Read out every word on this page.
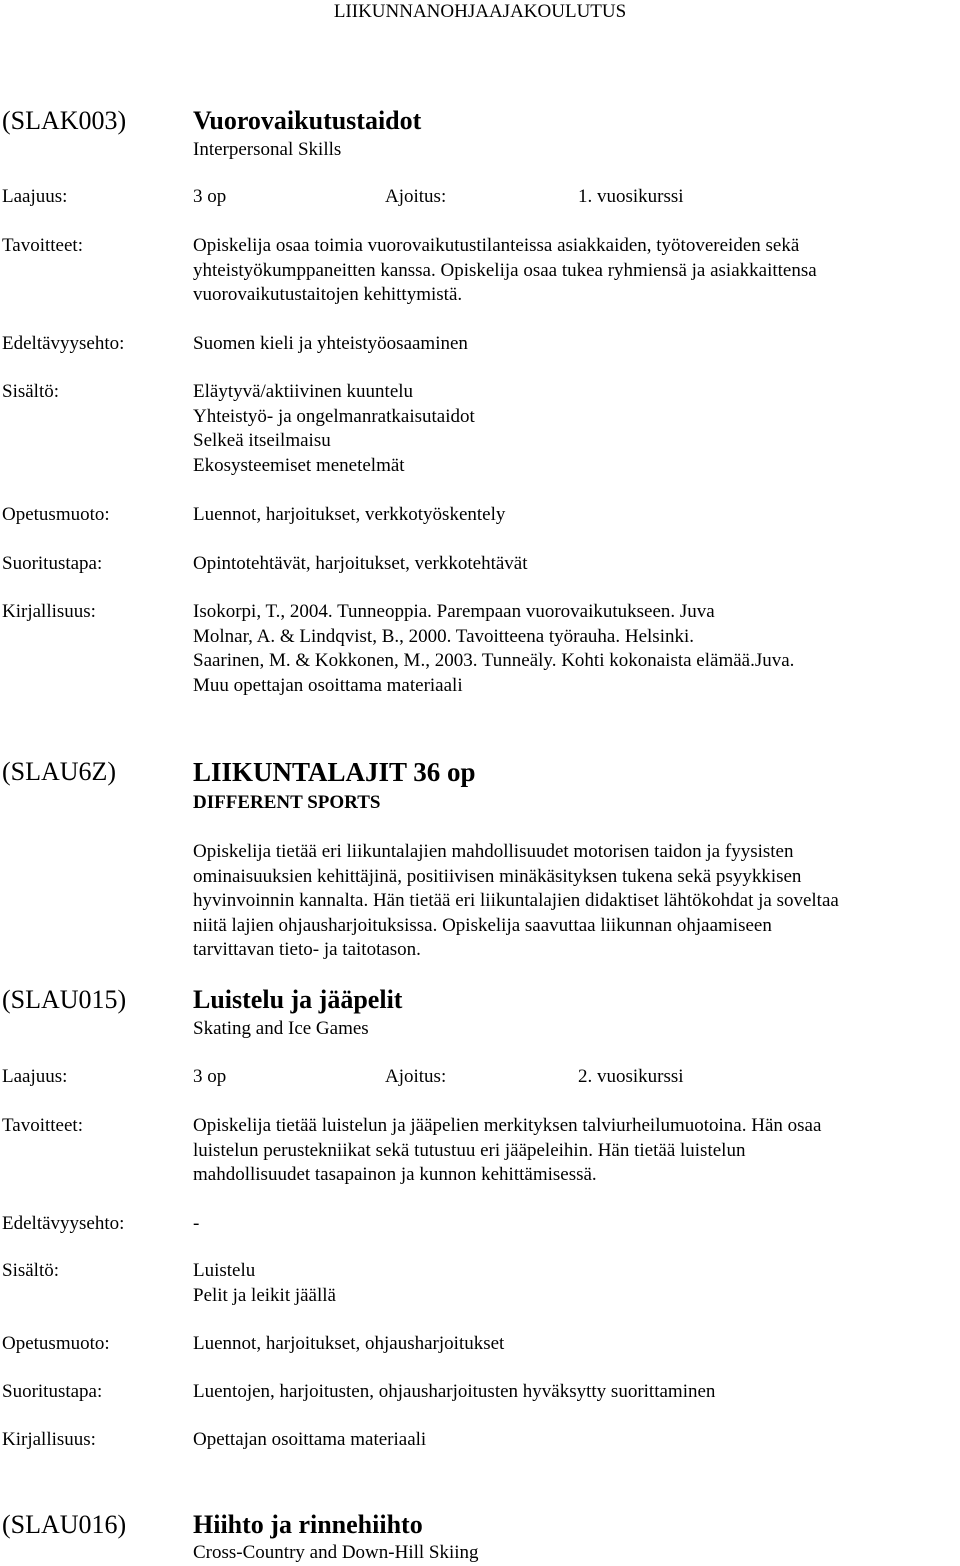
LIIKUNNANOHJAAJAKOULUTUS
(SLAK003)	Vuorovaikutustaidot
Interpersonal Skills
Laajuus:	3 op	Ajoitus:	1. vuosikurssi
Tavoitteet:	Opiskelija osaa toimia vuorovaikutustilanteissa asiakkaiden, työtovereiden sekä
yhteistyökumppaneitten kanssa. Opiskelija osaa tukea ryhmiensä ja asiakkaittensa
vuorovaikutustaitojen kehittymistä.
Edeltävyysehto:	Suomen kieli ja yhteistyöosaaminen
Sisältö:	Eläytyvä/aktiivinen kuuntelu
Yhteistyö- ja ongelmanratkaisutaidot
Selkeä itseilmaisu
Ekosysteemiset menetelmät
Opetusmuoto:	Luennot, harjoitukset, verkkotyöskentely
Suoritustapa:	Opintotehtävät, harjoitukset, verkkotehtävät
Kirjallisuus:	Isokorpi, T., 2004. Tunneoppia. Parempaan vuorovaikutukseen. Juva
Molnar, A. & Lindqvist, B., 2000. Tavoitteena työrauha. Helsinki.
Saarinen, M. & Kokkonen, M., 2003. Tunneäly. Kohti kokonaista elämää.Juva.
Muu opettajan osoittama materiaali
(SLAU6Z)	LIIKUNTALAJIT 36 op
DIFFERENT SPORTS
Opiskelija tietää eri liikuntalajien mahdollisuudet motorisen taidon ja fyysisten
ominaisuuksien kehittäjinä, positiivisen minäkäsityksen tukena sekä psyykkisen
hyvinvoinnin kannalta. Hän tietää eri liikuntalajien didaktiset lähtökohdat ja soveltaa
niitä lajien ohjausharjoituksissa. Opiskelija saavuttaa liikunnan ohjaamiseen
tarvittavan tieto- ja taitotason.
(SLAU015)	Luistelu ja jääpelit
Skating and Ice Games
Laajuus:	3 op	Ajoitus:	2. vuosikurssi
Tavoitteet:	Opiskelija tietää luistelun ja jääpelien merkityksen talviurheilumuotoina. Hän osaa
luistelun perustekniikat sekä tutustuu eri jääpeleihin. Hän tietää luistelun
mahdollisuudet tasapainon ja kunnon kehittämisessä.
Edeltävyysehto:	-
Sisältö:	Luistelu
Pelit ja leikit jäällä
Opetusmuoto:	Luennot, harjoitukset, ohjausharjoitukset
Suoritustapa:	Luentojen, harjoitusten, ohjausharjoitusten hyväksytty suorittaminen
Kirjallisuus:	Opettajan osoittama materiaali
(SLAU016)	Hiihto ja rinnehiihto
Cross-Country and Down-Hill Skiing
